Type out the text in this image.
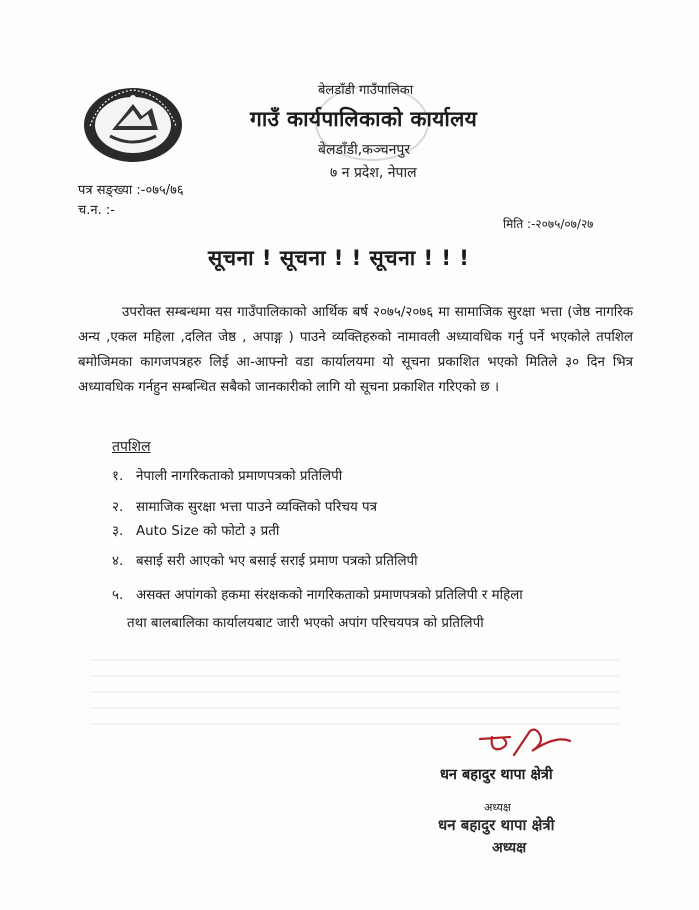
बेलडाँडी गाउँपालिका
गाउँ कार्यपालिकाको कार्यालय
बेलडाँडी,कञ्चनपुर
७ न प्रदेश, नेपाल
पत्र सङ्ख्या :-०७५/७६
च.न. :-
मिति :-२०७५/०७/२७
सूचना ! सूचना ! ! सूचना ! ! !
उपरोक्त सम्बन्धमा यस गाउँपालिकाको आर्थिक बर्ष २०७५/२०७६ मा सामाजिक सुरक्षा भत्ता (जेष्ठ नागरिक अन्य ,एकल महिला ,दलित जेष्ठ , अपाङ्ग ) पाउने व्यक्तिहरुको नामावली अध्यावधिक गर्नु पर्ने भएकोले तपशिल बमोजिमका कागजपत्रहरु लिई आ-आफ्नो वडा कार्यालयमा यो सूचना प्रकाशित भएको मितिले ३० दिन भित्र अध्यावधिक गर्नहुन सम्बन्धित सबैको जानकारीको लागि यो सूचना प्रकाशित गरिएको छ ।
तपशिल
१. नेपाली नागरिकताको प्रमाणपत्रको प्रतिलिपी
२. सामाजिक सुरक्षा भत्ता पाउने व्यक्तिको परिचय पत्र
३. Auto Size को फोटो ३ प्रती
४. बसाई सरी आएको भए बसाई सराई प्रमाण पत्रको प्रतिलिपी
५. असक्त अपांगको हकमा संरक्षकको नागरिकताको प्रमाणपत्रको प्रतिलिपी र महिला
तथा बालबालिका कार्यालयबाट जारी भएको अपांग परिचयपत्र को प्रतिलिपी
धन बहादुर थापा क्षेत्री
अध्यक्ष
धन बहादुर थापा क्षेत्री
अध्यक्ष
